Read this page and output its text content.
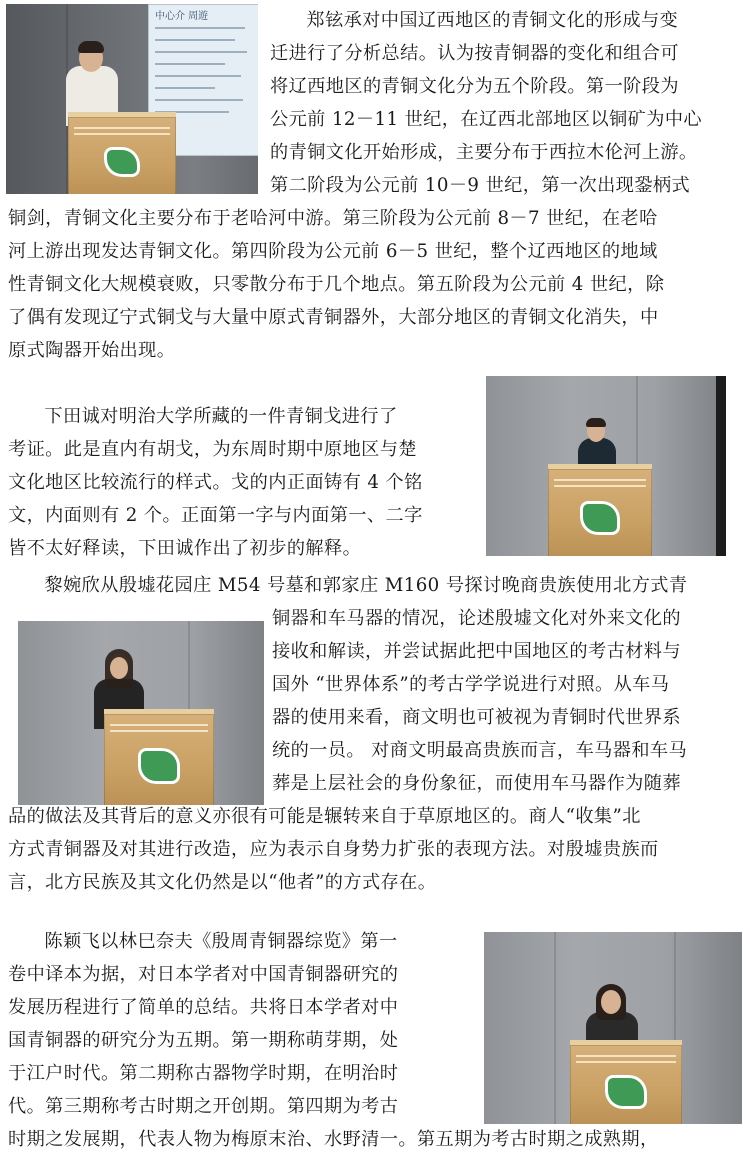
中心介 周遊	郑铉承对中国辽西地区的青铜文化的形成与变
迁进行了分析总结。认为按青铜器的变化和组合可
将辽西地区的青铜文化分为五个阶段。第一阶段为
公元前 12－11 世纪，在辽西北部地区以铜矿为中心
的青铜文化开始形成，主要分布于西拉木伦河上游。
第二阶段为公元前 10－9 世纪，第一次出现銎柄式
铜剑，青铜文化主要分布于老哈河中游。第三阶段为公元前 8－7 世纪，在老哈
河上游出现发达青铜文化。第四阶段为公元前 6－5 世纪，整个辽西地区的地域
性青铜文化大规模衰败，只零散分布于几个地点。第五阶段为公元前 4 世纪，除
了偶有发现辽宁式铜戈与大量中原式青铜器外，大部分地区的青铜文化消失，中
原式陶器开始出现。
下田诚对明治大学所藏的一件青铜戈进行了
考证。此是直内有胡戈，为东周时期中原地区与楚
文化地区比较流行的样式。戈的内正面铸有 4 个铭
文，内面则有 2 个。正面第一字与内面第一、二字
皆不太好释读，下田诚作出了初步的解释。
黎婉欣从殷墟花园庄 M54 号墓和郭家庄 M160 号探讨晚商贵族使用北方式青
铜器和车马器的情况，论述殷墟文化对外来文化的
接收和解读，并尝试据此把中国地区的考古材料与
国外 “世界体系”的考古学学说进行对照。从车马
器的使用来看，商文明也可被视为青铜时代世界系
统的一员。 对商文明最高贵族而言，车马器和车马
葬是上层社会的身份象征，而使用车马器作为随葬
品的做法及其背后的意义亦很有可能是辗转来自于草原地区的。商人“收集”北
方式青铜器及对其进行改造，应为表示自身势力扩张的表现方法。对殷墟贵族而
言，北方民族及其文化仍然是以“他者”的方式存在。
陈颖飞以林巳奈夫《殷周青铜器综览》第一
卷中译本为据，对日本学者对中国青铜器研究的
发展历程进行了简单的总结。共将日本学者对中
国青铜器的研究分为五期。第一期称萌芽期，处
于江户时代。第二期称古器物学时期，在明治时
代。第三期称考古时期之开创期。第四期为考古
时期之发展期，代表人物为梅原末治、水野清一。第五期为考古时期之成熟期，
